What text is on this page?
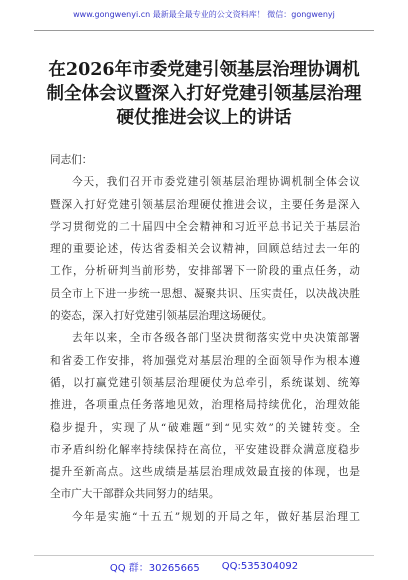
www.gongwenyi.cn 最新最全最专业的公文资料库！ 微信：gongwenyj
在2026年市委党建引领基层治理协调机
制全体会议暨深入打好党建引领基层治理
硬仗推进会议上的讲话

同志们：

今天，我们召开市委党建引领基层治理协调机制全体会议
暨深入打好党建引领基层治理硬仗推进会议，主要任务是深入
学习贯彻党的二十届四中全会精神和习近平总书记关于基层治
理的重要论述，传达省委相关会议精神，回顾总结过去一年的
工作，分析研判当前形势，安排部署下一阶段的重点任务，动
员全市上下进一步统一思想、凝聚共识、压实责任，以决战决胜
的姿态，深入打好党建引领基层治理这场硬仗。

去年以来，全市各级各部门坚决贯彻落实党中央决策部署
和省委工作安排，将加强党对基层治理的全面领导作为根本遵
循，以打赢党建引领基层治理硬仗为总牵引，系统谋划、统筹
推进，各项重点任务落地见效，治理格局持续优化，治理效能
稳步提升，实现了从“破难题”到“见实效”的关键转变。全
市矛盾纠纷化解率持续保持在高位，平安建设群众满意度稳步
提升至新高点。这些成绩是基层治理成效最直接的体现，也是
全市广大干部群众共同努力的结果。

今年是实施“十五五”规划的开局之年，做好基层治理工

QQ 群：30265665 QQ:535304092
